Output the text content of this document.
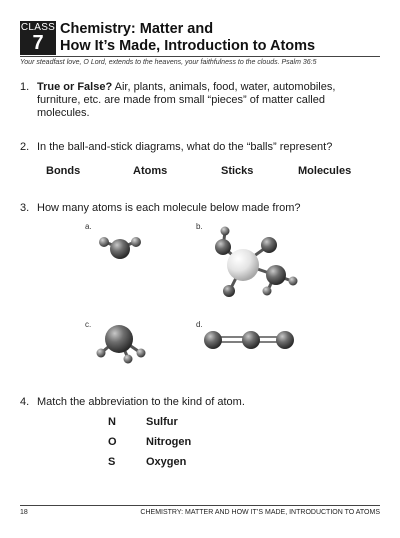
CLASS
7
Chemistry: Matter and
How It’s Made, Introduction to Atoms
Your steadfast love, O Lord, extends to the heavens, your faithfulness to the clouds. Psalm 36:5
1. True or False? Air, plants, animals, food, water, automobiles, furniture, etc. are made from small “pieces” of matter called molecules.
2. In the ball-and-stick diagrams, what do the “balls” represent?
Bonds	Atoms	Sticks	Molecules
3. How many atoms is each molecule below made from?
a.	b.
c.	d.
4. Match the abbreviation to the kind of atom.
N	Sulfur
O	Nitrogen
S	Oxygen
18	CHEMISTRY: MATTER AND HOW IT’S MADE, INTRODUCTION TO ATOMS
